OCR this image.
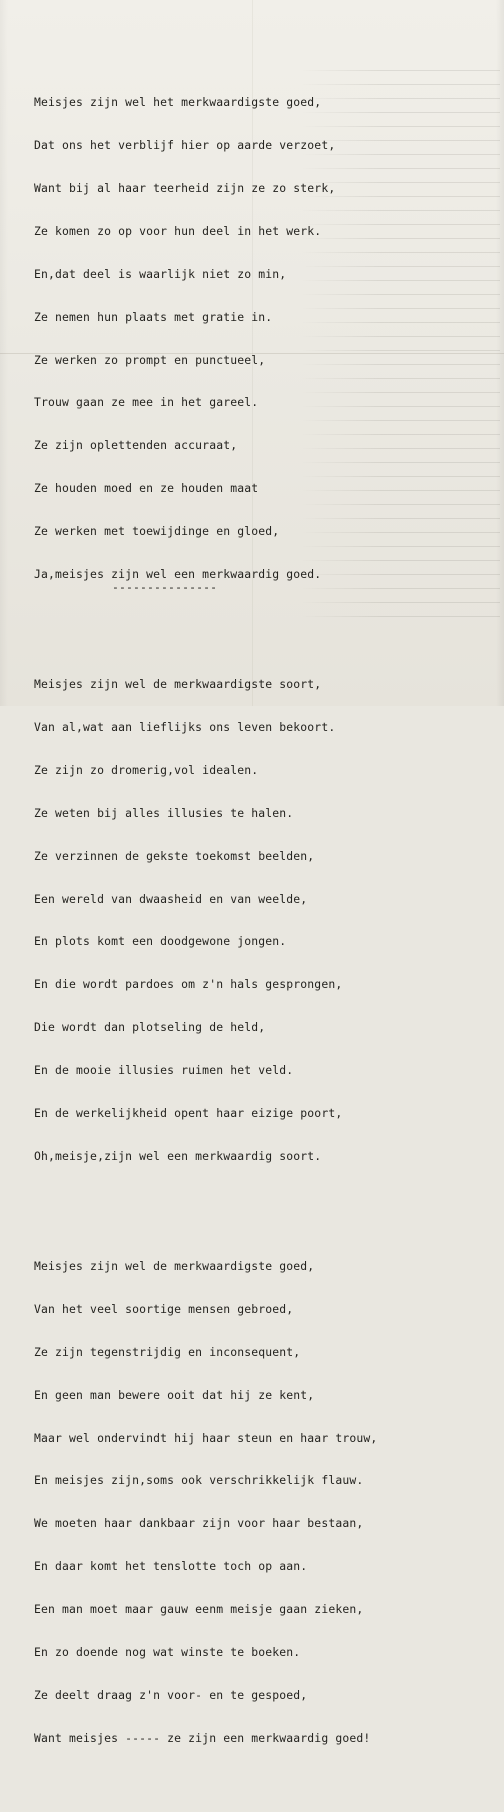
Meisjes zijn wel het merkwaardigste goed,

Dat ons het verblijf hier op aarde verzoet,

Want bij al haar teerheid zijn ze zo sterk,

Ze komen zo op voor hun deel in het werk.

En,dat deel is waarlijk niet zo min,

Ze nemen hun plaats met gratie in.

Ze werken zo prompt en punctueel,

Trouw gaan ze mee in het gareel.

Ze zijn oplettenden accuraat,

Ze houden moed en ze houden maat

Ze werken met toewijdinge en gloed,

Ja,meisjes zijn wel een merkwaardig goed.

Meisjes zijn wel de merkwaardigste soort,

Van al,wat aan lieflijks ons leven bekoort.

Ze zijn zo dromerig,vol idealen.

Ze weten bij alles illusies te halen.

Ze verzinnen de gekste toekomst beelden,

Een wereld van dwaasheid en van weelde,

En plots komt een doodgewone jongen.

En die wordt pardoes om z'n hals gesprongen,

Die wordt dan plotseling de held,

En de mooie illusies ruimen het veld.

En de werkelijkheid opent haar eizige poort,

Oh,meisje,zijn wel een merkwaardig soort.

Meisjes zijn wel de merkwaardigste goed,

Van het veel soortige mensen gebroed,

Ze zijn tegenstrijdig en inconsequent,

En geen man bewere ooit dat hij ze kent,

Maar wel ondervindt hij haar steun en haar trouw,

En meisjes zijn,soms ook verschrikkelijk flauw.

We moeten haar dankbaar zijn voor haar bestaan,

En daar komt het tenslotte toch op aan.

Een man moet maar gauw eenm meisje gaan zieken,

En zo doende nog wat winste te boeken.

Ze deelt draag z'n voor- en te gespoed,

Want meisjes ----- ze zijn een merkwaardig goed!

---------------
